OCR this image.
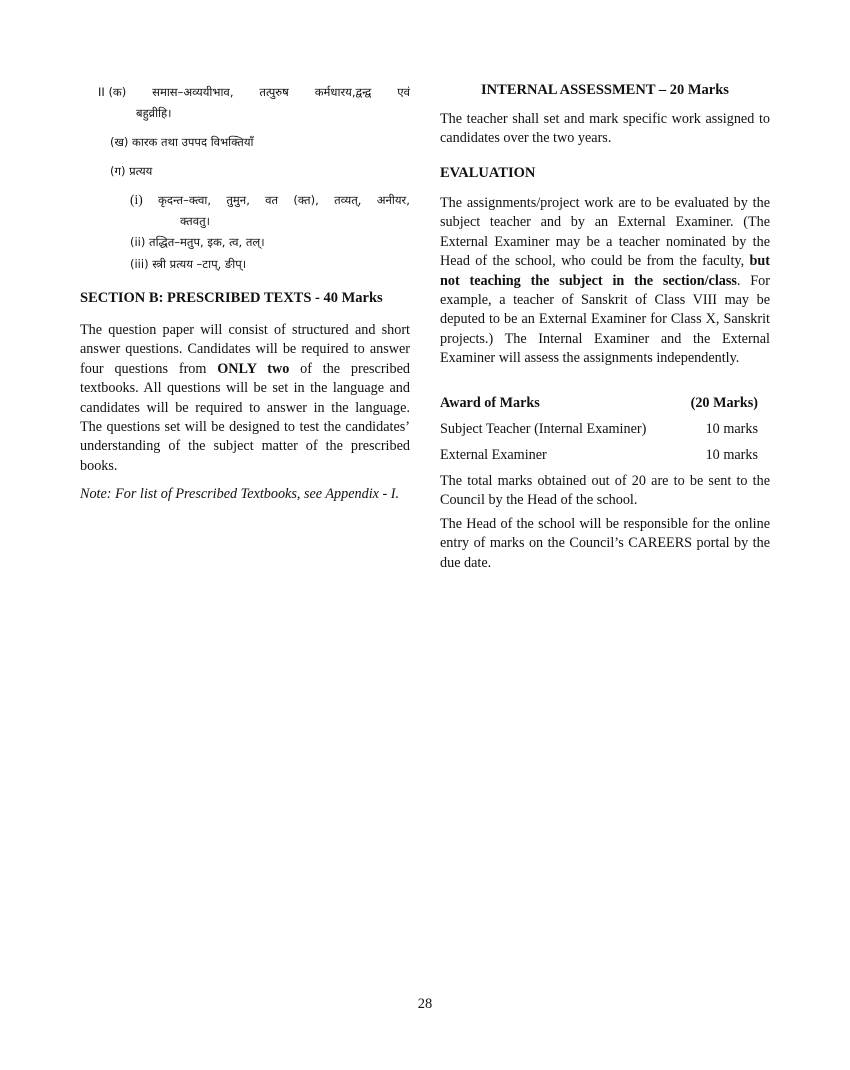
II (क) समास–अव्ययीभाव, तत्पुरुष कर्मधारय,द्वन्द्व एवं
बहुव्रीहि।
(ख) कारक तथा उपपद विभक्तियाँ
(ग) प्रत्यय
(i) कृदन्त–क्त्वा, तुमुन, वत (क्त), तव्यत्, अनीयर,
क्तवतु।
(ii) तद्धित–मतुप, इक, त्व, तल्।
(iii) स्त्री प्रत्यय –टाप्, ङीप्।

SECTION B: PRESCRIBED TEXTS - 40 Marks

The question paper will consist of structured and short answer questions. Candidates will be required to answer four questions from ONLY two of the prescribed textbooks. All questions will be set in the language and candidates will be required to answer in the language. The questions set will be designed to test the candidates’ understanding of the subject matter of the prescribed books.

Note: For list of Prescribed Textbooks, see Appendix - I.

INTERNAL ASSESSMENT – 20 Marks

The teacher shall set and mark specific work assigned to candidates over the two years.

EVALUATION

The assignments/project work are to be evaluated by the subject teacher and by an External Examiner. (The External Examiner may be a teacher nominated by the Head of the school, who could be from the faculty, but not teaching the subject in the section/class. For example, a teacher of Sanskrit of Class VIII may be deputed to be an External Examiner for Class X, Sanskrit projects.) The Internal Examiner and the External Examiner will assess the assignments independently.

Award of Marks	(20 Marks)
Subject Teacher (Internal Examiner)	10 marks
External Examiner	10 marks

The total marks obtained out of 20 are to be sent to the Council by the Head of the school.

The Head of the school will be responsible for the online entry of marks on the Council’s CAREERS portal by the due date.

28
